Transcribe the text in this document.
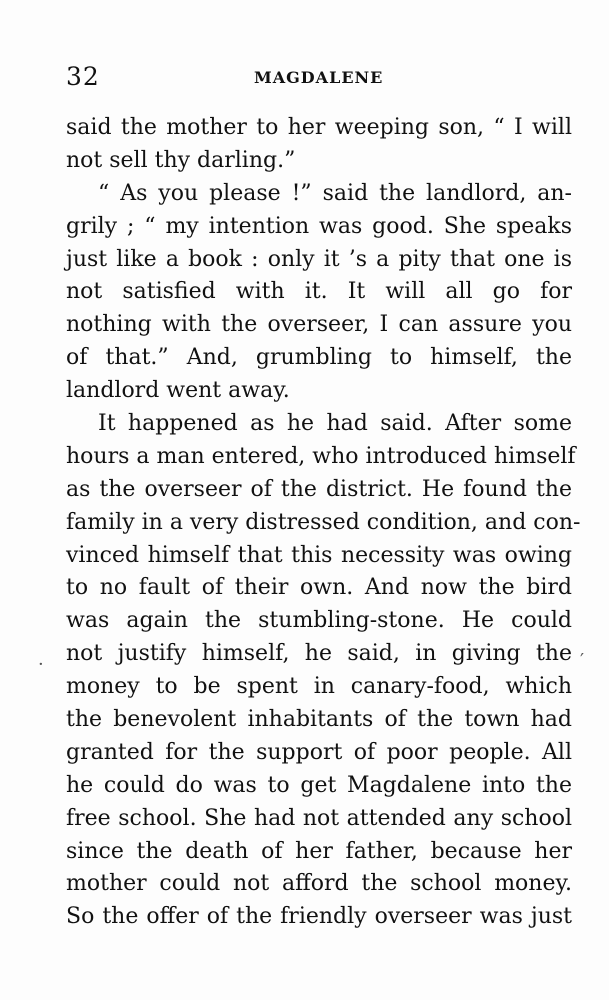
32	MAGDALENE
said the mother to her weeping son, “ I will
not sell thy darling.”
“ As you please !” said the landlord, an-
grily ; “ my intention was good. She speaks
just like a book : only it ’s a pity that one is
not satisfied with it. It will all go for
nothing with the overseer, I can assure you
of that.” And, grumbling to himself, the
landlord went away.
It happened as he had said. After some
hours a man entered, who introduced himself
as the overseer of the district. He found the
family in a very distressed condition, and con-
vinced himself that this necessity was owing
to no fault of their own. And now the bird
was again the stumbling-stone. He could
not justify himself, he said, in giving the
money to be spent in canary-food, which
the benevolent inhabitants of the town had
granted for the support of poor people. All
he could do was to get Magdalene into the
free school. She had not attended any school
since the death of her father, because her
mother could not afford the school money.
So the offer of the friendly overseer was just
·	′
